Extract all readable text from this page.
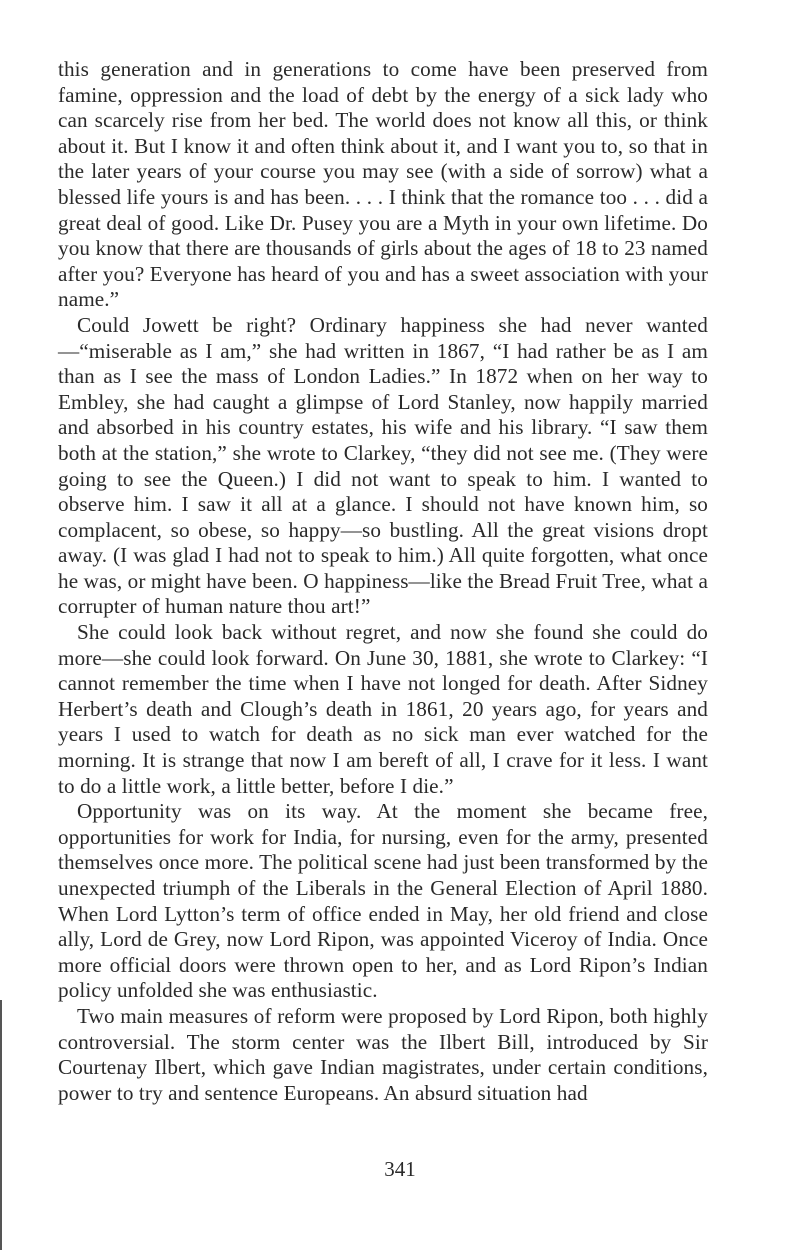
this generation and in generations to come have been preserved from famine, oppression and the load of debt by the energy of a sick lady who can scarcely rise from her bed. The world does not know all this, or think about it. But I know it and often think about it, and I want you to, so that in the later years of your course you may see (with a side of sorrow) what a blessed life yours is and has been. . . . I think that the romance too . . . did a great deal of good. Like Dr. Pusey you are a Myth in your own lifetime. Do you know that there are thousands of girls about the ages of 18 to 23 named after you? Everyone has heard of you and has a sweet association with your name.”

Could Jowett be right? Ordinary happiness she had never wanted—“miserable as I am,” she had written in 1867, “I had rather be as I am than as I see the mass of London Ladies.” In 1872 when on her way to Embley, she had caught a glimpse of Lord Stanley, now happily married and absorbed in his country estates, his wife and his library. “I saw them both at the station,” she wrote to Clarkey, “they did not see me. (They were going to see the Queen.) I did not want to speak to him. I wanted to observe him. I saw it all at a glance. I should not have known him, so complacent, so obese, so happy—so bustling. All the great visions dropt away. (I was glad I had not to speak to him.) All quite forgotten, what once he was, or might have been. O happiness—like the Bread Fruit Tree, what a corrupter of human nature thou art!”

She could look back without regret, and now she found she could do more—she could look forward. On June 30, 1881, she wrote to Clarkey: “I cannot remember the time when I have not longed for death. After Sidney Herbert’s death and Clough’s death in 1861, 20 years ago, for years and years I used to watch for death as no sick man ever watched for the morning. It is strange that now I am bereft of all, I crave for it less. I want to do a little work, a little better, before I die.”

Opportunity was on its way. At the moment she became free, opportunities for work for India, for nursing, even for the army, presented themselves once more. The political scene had just been transformed by the unexpected triumph of the Liberals in the General Election of April 1880. When Lord Lytton’s term of office ended in May, her old friend and close ally, Lord de Grey, now Lord Ripon, was appointed Viceroy of India. Once more official doors were thrown open to her, and as Lord Ripon’s Indian policy unfolded she was enthusiastic.

Two main measures of reform were proposed by Lord Ripon, both highly controversial. The storm center was the Ilbert Bill, introduced by Sir Courtenay Ilbert, which gave Indian magistrates, under certain conditions, power to try and sentence Europeans. An absurd situation had

341
